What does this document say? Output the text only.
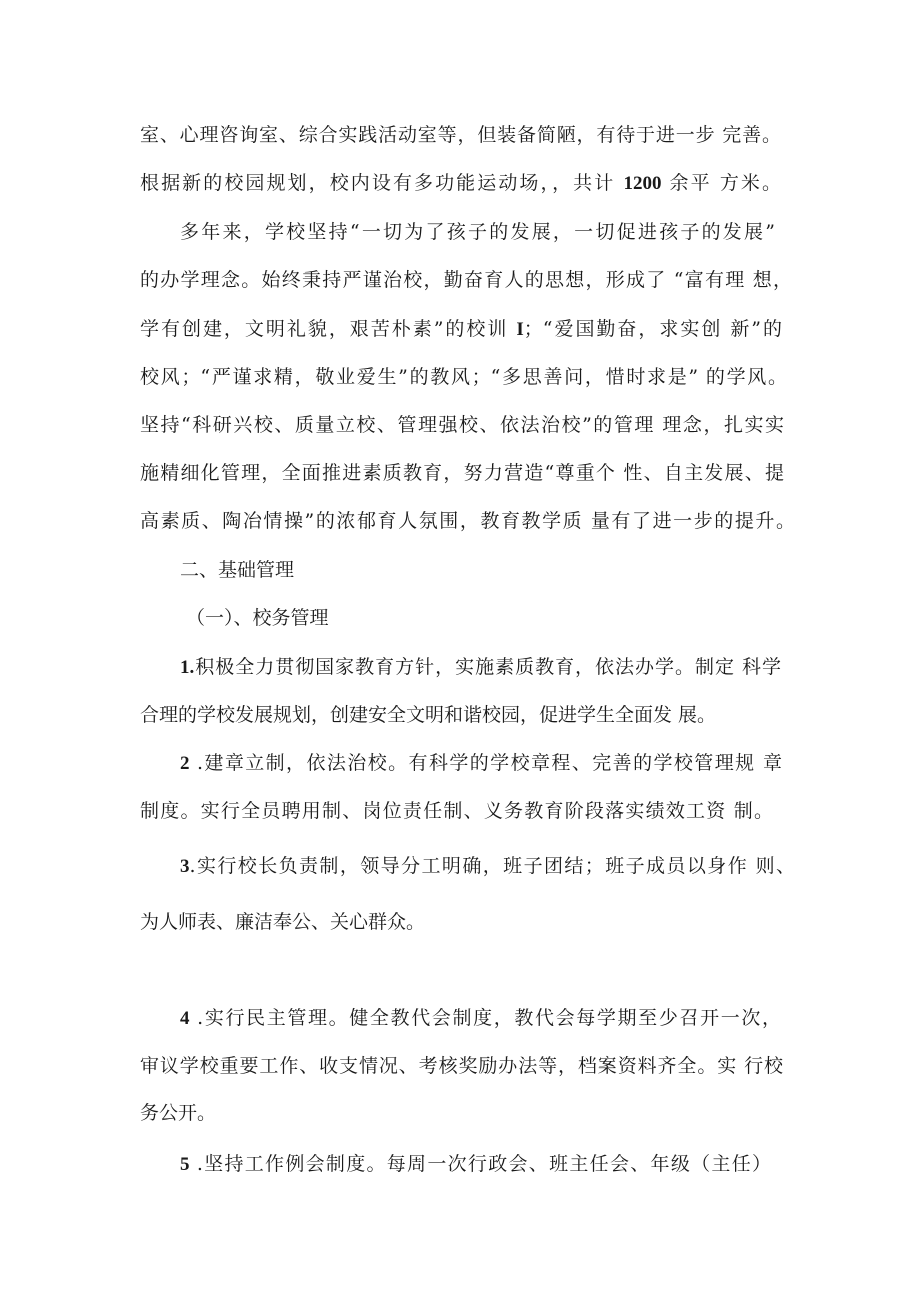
室、心理咨询室、综合实践活动室等，但装备简陋，有待于进一步 完善。
根据新的校园规划，校内设有多功能运动场，，共计 1200 余平 方米。
多年来，学校坚持“一切为了孩子的发展，一切促进孩子的发展”
的办学理念。始终秉持严谨治校，勤奋育人的思想，形成了 “富有理 想，
学有创建，文明礼貌，艰苦朴素”的校训 I；“爱国勤奋，求实创 新”的
校风；“严谨求精，敬业爱生”的教风；“多思善问，惜时求是” 的学风。
坚持“科研兴校、质量立校、管理强校、依法治校”的管理 理念，扎实实
施精细化管理，全面推进素质教育，努力营造“尊重个 性、自主发展、提
高素质、陶冶情操”的浓郁育人氛围，教育教学质 量有了进一步的提升。
二、基础管理
（一）、校务管理
1.积极全力贯彻国家教育方针，实施素质教育，依法办学。制定 科学
合理的学校发展规划，创建安全文明和谐校园，促进学生全面发 展。
2 .建章立制，依法治校。有科学的学校章程、完善的学校管理规 章
制度。实行全员聘用制、岗位责任制、义务教育阶段落实绩效工资 制。
3.实行校长负责制，领导分工明确，班子团结；班子成员以身作 则、
为人师表、廉洁奉公、关心群众。
4 .实行民主管理。健全教代会制度，教代会每学期至少召开一次，
审议学校重要工作、收支情况、考核奖励办法等，档案资料齐全。实 行校
务公开。
5 .坚持工作例会制度。每周一次行政会、班主任会、年级（主任）
